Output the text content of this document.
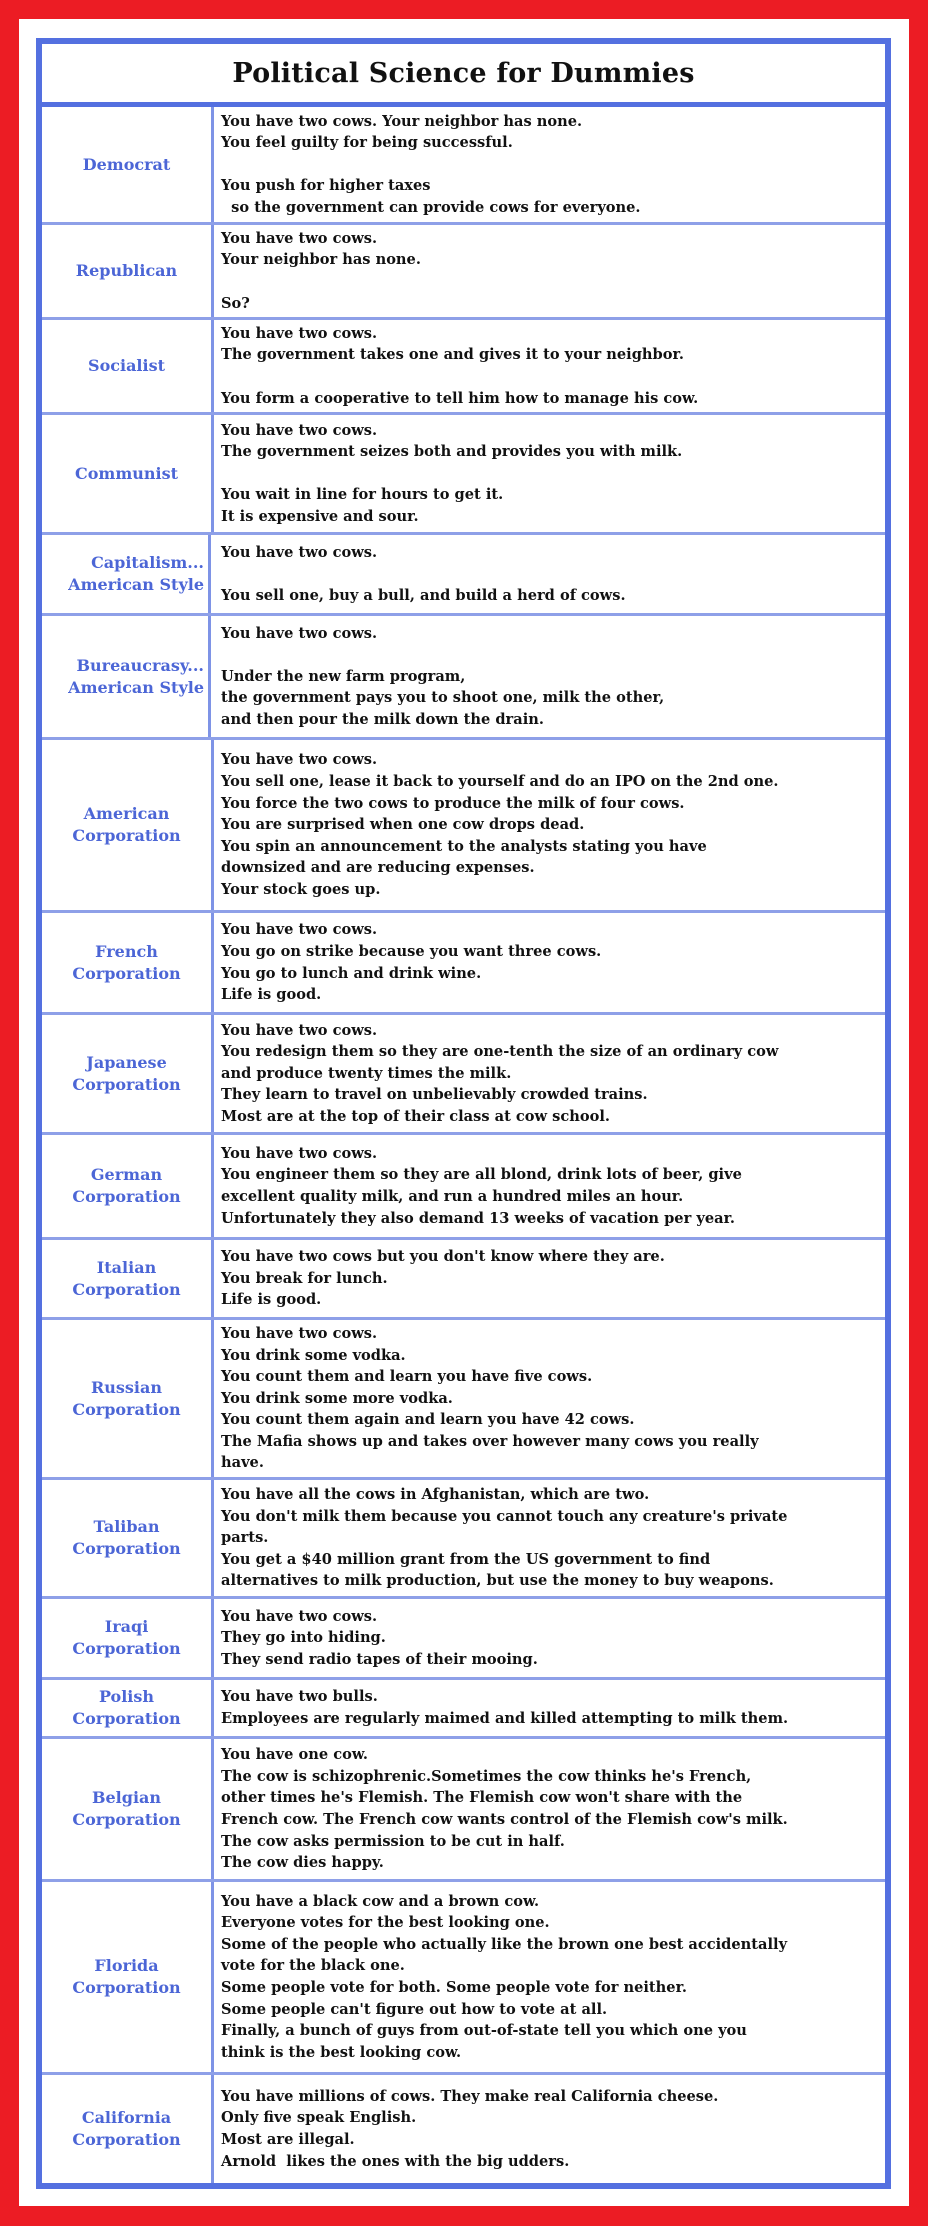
Political Science for Dummies
Democrat
You have two cows. Your neighbor has none.
You feel guilty for being successful.
You push for higher taxes
so the government can provide cows for everyone.
Republican
You have two cows.
Your neighbor has none.
So?
Socialist
You have two cows.
The government takes one and gives it to your neighbor.
You form a cooperative to tell him how to manage his cow.
Communist
You have two cows.
The government seizes both and provides you with milk.
You wait in line for hours to get it.
It is expensive and sour.
Capitalism...
American Style
You have two cows.
You sell one, buy a bull, and build a herd of cows.
Bureaucrasy...
American Style
You have two cows.
Under the new farm program,
the government pays you to shoot one, milk the other,
and then pour the milk down the drain.
American
Corporation
You have two cows.
You sell one, lease it back to yourself and do an IPO on the 2nd one.
You force the two cows to produce the milk of four cows.
You are surprised when one cow drops dead.
You spin an announcement to the analysts stating you have
downsized and are reducing expenses.
Your stock goes up.
French
Corporation
You have two cows.
You go on strike because you want three cows.
You go to lunch and drink wine.
Life is good.
Japanese
Corporation
You have two cows.
You redesign them so they are one-tenth the size of an ordinary cow
and produce twenty times the milk.
They learn to travel on unbelievably crowded trains.
Most are at the top of their class at cow school.
German
Corporation
You have two cows.
You engineer them so they are all blond, drink lots of beer, give
excellent quality milk, and run a hundred miles an hour.
Unfortunately they also demand 13 weeks of vacation per year.
Italian
Corporation
You have two cows but you don't know where they are.
You break for lunch.
Life is good.
Russian
Corporation
You have two cows.
You drink some vodka.
You count them and learn you have five cows.
You drink some more vodka.
You count them again and learn you have 42 cows.
The Mafia shows up and takes over however many cows you really
have.
Taliban
Corporation
You have all the cows in Afghanistan, which are two.
You don't milk them because you cannot touch any creature's private
parts.
You get a $40 million grant from the US government to find
alternatives to milk production, but use the money to buy weapons.
Iraqi
Corporation
You have two cows.
They go into hiding.
They send radio tapes of their mooing.
Polish
Corporation
You have two bulls.
Employees are regularly maimed and killed attempting to milk them.
Belgian
Corporation
You have one cow.
The cow is schizophrenic.Sometimes the cow thinks he's French,
other times he's Flemish. The Flemish cow won't share with the
French cow. The French cow wants control of the Flemish cow's milk.
The cow asks permission to be cut in half.
The cow dies happy.
Florida
Corporation
You have a black cow and a brown cow.
Everyone votes for the best looking one.
Some of the people who actually like the brown one best accidentally
vote for the black one.
Some people vote for both. Some people vote for neither.
Some people can't figure out how to vote at all.
Finally, a bunch of guys from out-of-state tell you which one you
think is the best looking cow.
California
Corporation
You have millions of cows. They make real California cheese.
Only five speak English.
Most are illegal.
Arnold  likes the ones with the big udders.
